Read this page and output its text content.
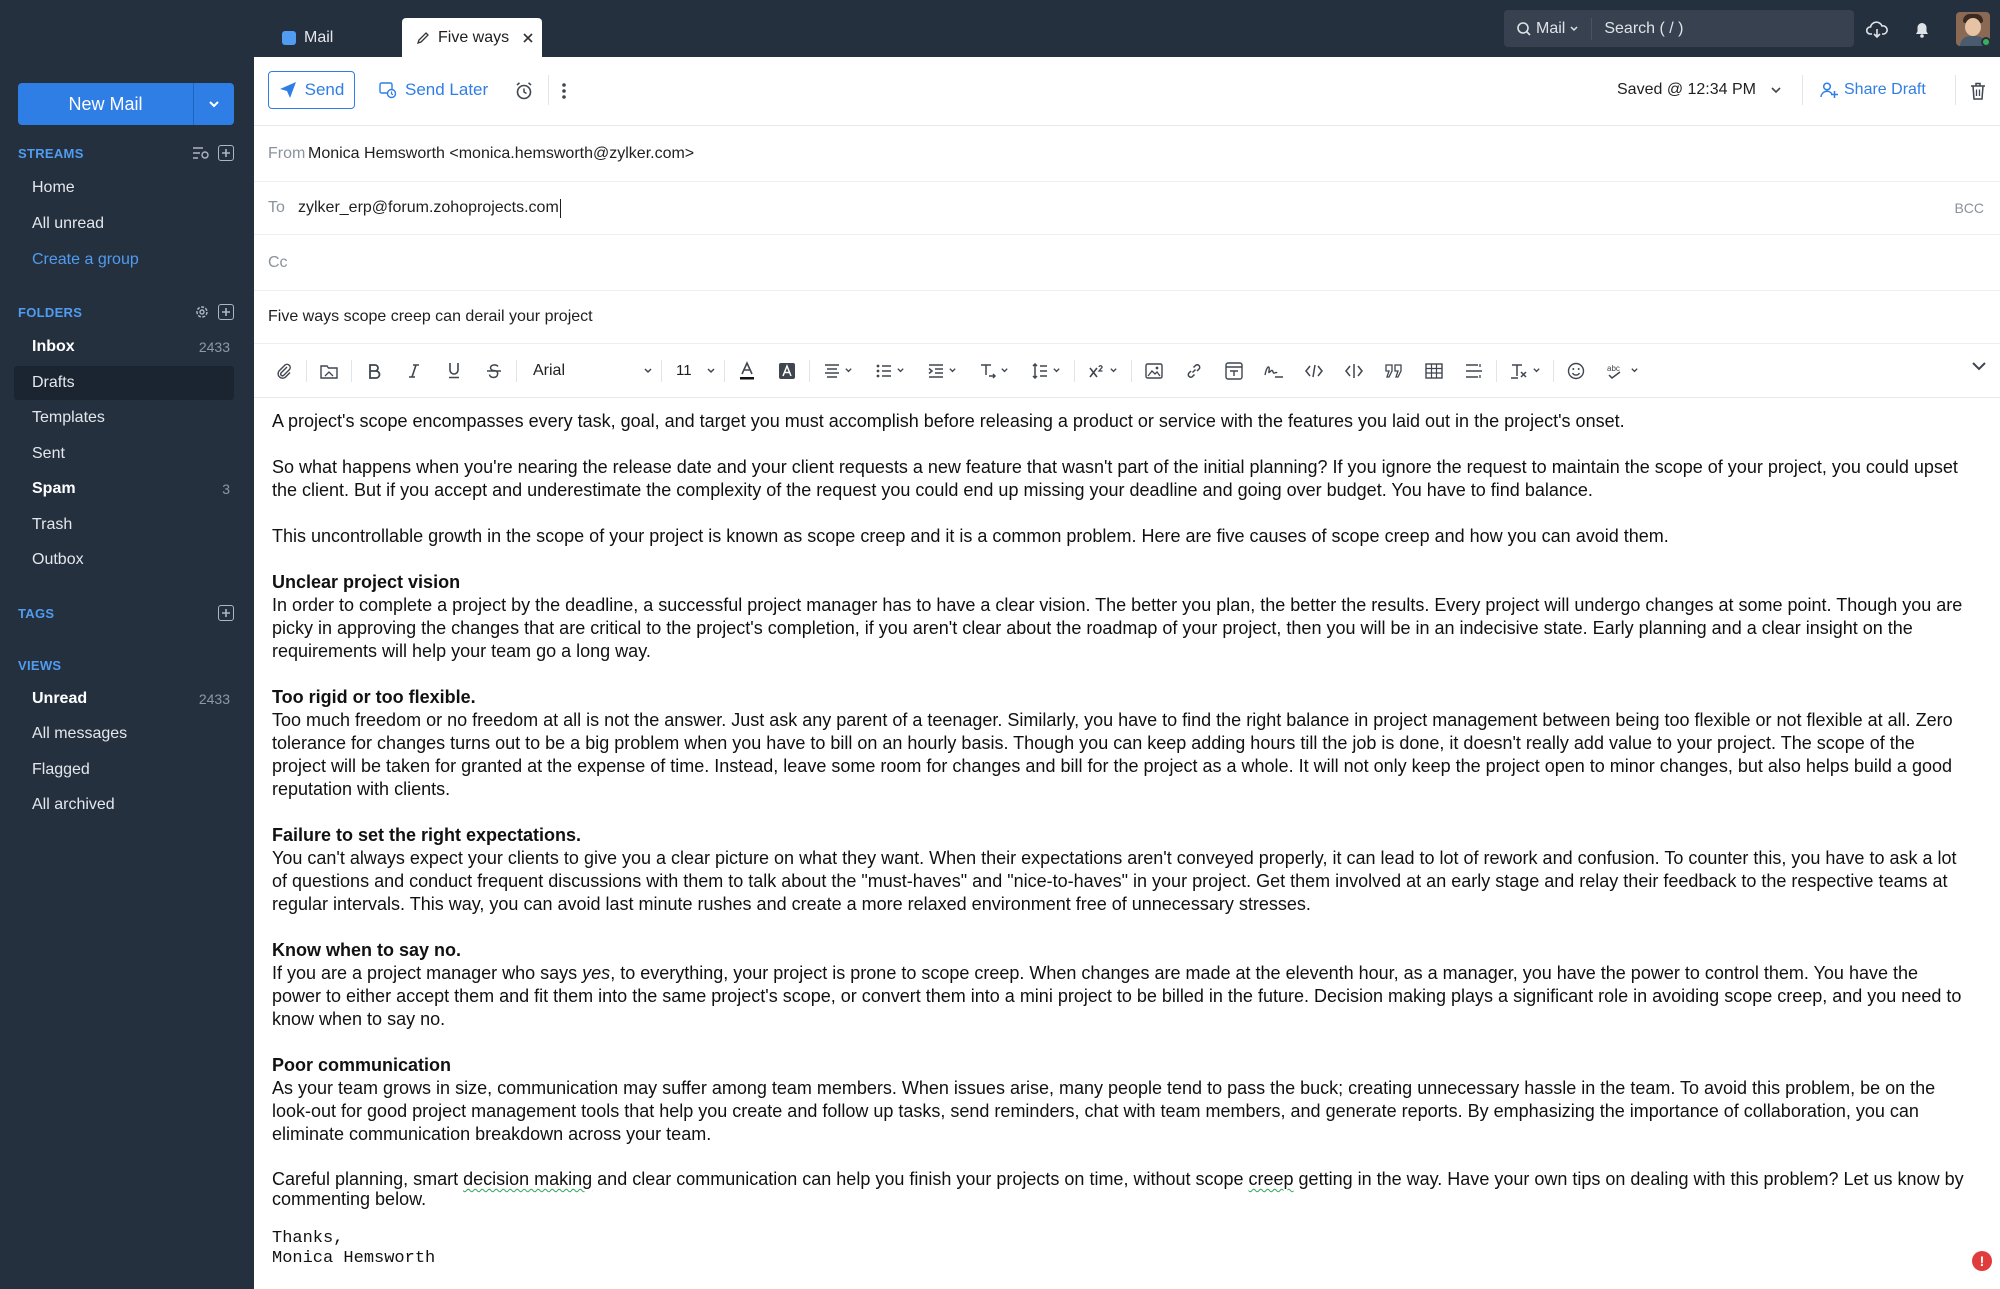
New Mail
STREAMS
Home
All unread
Create a group
FOLDERS
Inbox	2433
Drafts
Templates
Sent
Spam	3
Trash
Outbox
TAGS
VIEWS
Unread	2433
All messages
Flagged
All archived
Mail	Five ways
Mail Search ( / )
Send	Send Later	Saved @ 12:34 PM	Share Draft
From Monica Hemsworth <monica.hemsworth@zylker.com>
To zylker_erp@forum.zohoprojects.com	BCC
Cc
Five ways scope creep can derail your project
Arial	11	abc

A project's scope encompasses every task, goal, and target you must accomplish before releasing a product or service with the features you laid out in the project's onset.

So what happens when you're nearing the release date and your client requests a new feature that wasn't part of the initial planning? If you ignore the request to maintain the scope of your project, you could upset the client. But if you accept and underestimate the complexity of the request you could end up missing your deadline and going over budget. You have to find balance.

This uncontrollable growth in the scope of your project is known as scope creep and it is a common problem. Here are five causes of scope creep and how you can avoid them.

Unclear project vision
In order to complete a project by the deadline, a successful project manager has to have a clear vision. The better you plan, the better the results. Every project will undergo changes at some point. Though you are picky in approving the changes that are critical to the project's completion, if you aren't clear about the roadmap of your project, then you will be in an indecisive state. Early planning and a clear insight on the requirements will help your team go a long way.

Too rigid or too flexible.
Too much freedom or no freedom at all is not the answer. Just ask any parent of a teenager. Similarly, you have to find the right balance in project management between being too flexible or not flexible at all. Zero tolerance for changes turns out to be a big problem when you have to bill on an hourly basis. Though you can keep adding hours till the job is done, it doesn't really add value to your project. The scope of the project will be taken for granted at the expense of time. Instead, leave some room for changes and bill for the project as a whole. It will not only keep the project open to minor changes, but also helps build a good reputation with clients.

Failure to set the right expectations.
You can't always expect your clients to give you a clear picture on what they want. When their expectations aren't conveyed properly, it can lead to lot of rework and confusion. To counter this, you have to ask a lot of questions and conduct frequent discussions with them to talk about the "must-haves" and "nice-to-haves" in your project. Get them involved at an early stage and relay their feedback to the respective teams at regular intervals. This way, you can avoid last minute rushes and create a more relaxed environment free of unnecessary stresses.

Know when to say no.
If you are a project manager who says yes, to everything, your project is prone to scope creep. When changes are made at the eleventh hour, as a manager, you have the power to control them. You have the power to either accept them and fit them into the same project's scope, or convert them into a mini project to be billed in the future. Decision making plays a significant role in avoiding scope creep, and you need to know when to say no.

Poor communication
As your team grows in size, communication may suffer among team members. When issues arise, many people tend to pass the buck; creating unnecessary hassle in the team. To avoid this problem, be on the look-out for good project management tools that help you create and follow up tasks, send reminders, chat with team members, and generate reports. By emphasizing the importance of collaboration, you can eliminate communication breakdown across your team.

Careful planning, smart decision making and clear communication can help you finish your projects on time, without scope creep getting in the way. Have your own tips on dealing with this problem? Let us know by commenting below.

Thanks,
Monica Hemsworth	!
